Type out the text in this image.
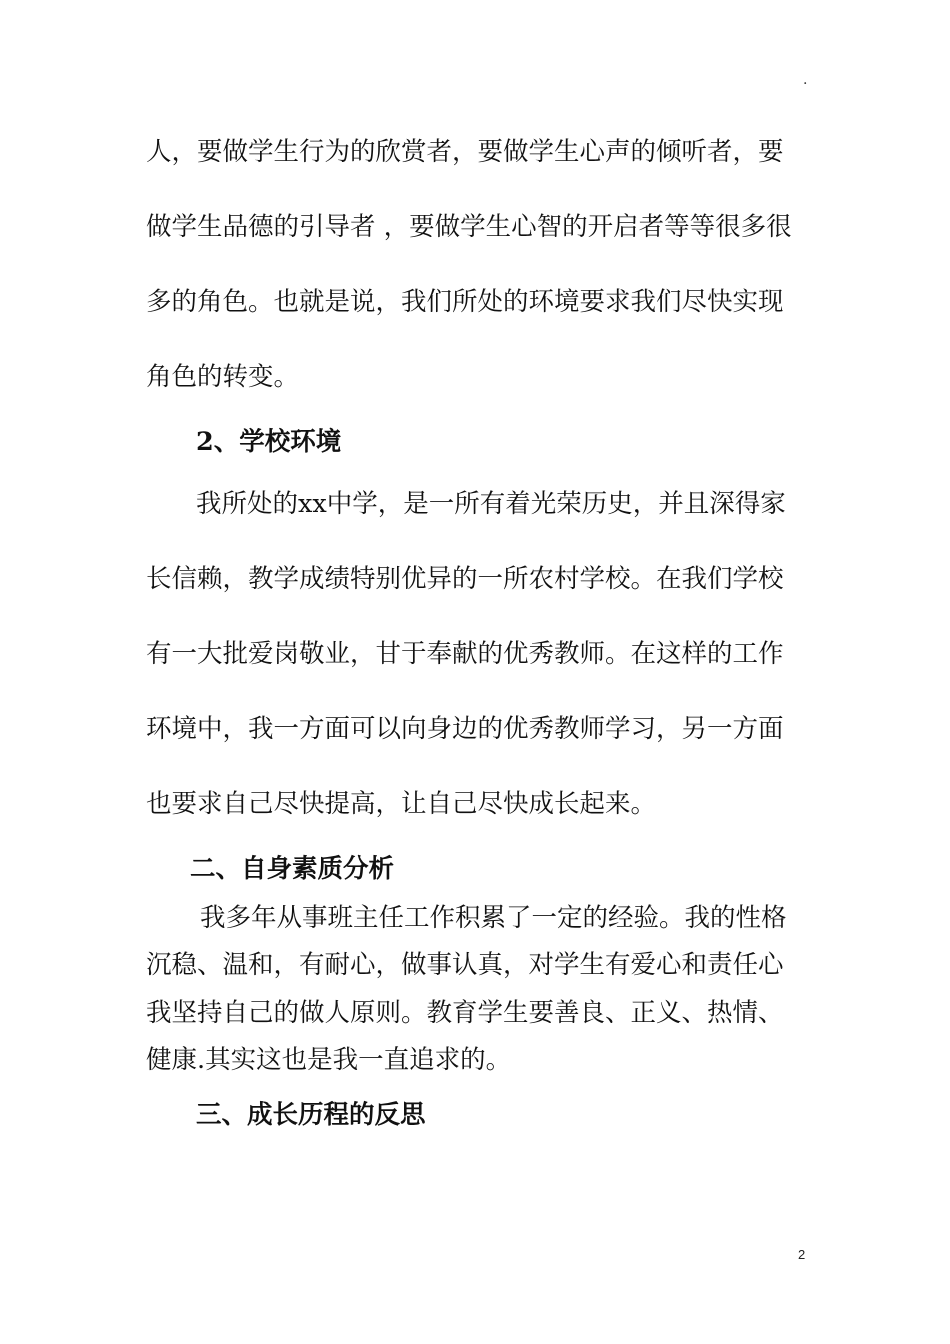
.
人，要做学生行为的欣赏者，要做学生心声的倾听者，要
做学生品德的引导者 ，要做学生心智的开启者等等很多很
多的角色。也就是说，我们所处的环境要求我们尽快实现
角色的转变。
2、学校环境
我所处的xx中学，是一所有着光荣历史，并且深得家
长信赖，教学成绩特别优异的一所农村学校。在我们学校
有一大批爱岗敬业，甘于奉献的优秀教师。在这样的工作
环境中，我一方面可以向身边的优秀教师学习，另一方面
也要求自己尽快提高，让自己尽快成长起来。
二、自身素质分析
我多年从事班主任工作积累了一定的经验。我的性格
沉稳、温和，有耐心，做事认真，对学生有爱心和责任心
我坚持自己的做人原则。教育学生要善良、正义、热情、
健康.其实这也是我一直追求的。
三、成长历程的反思
2
